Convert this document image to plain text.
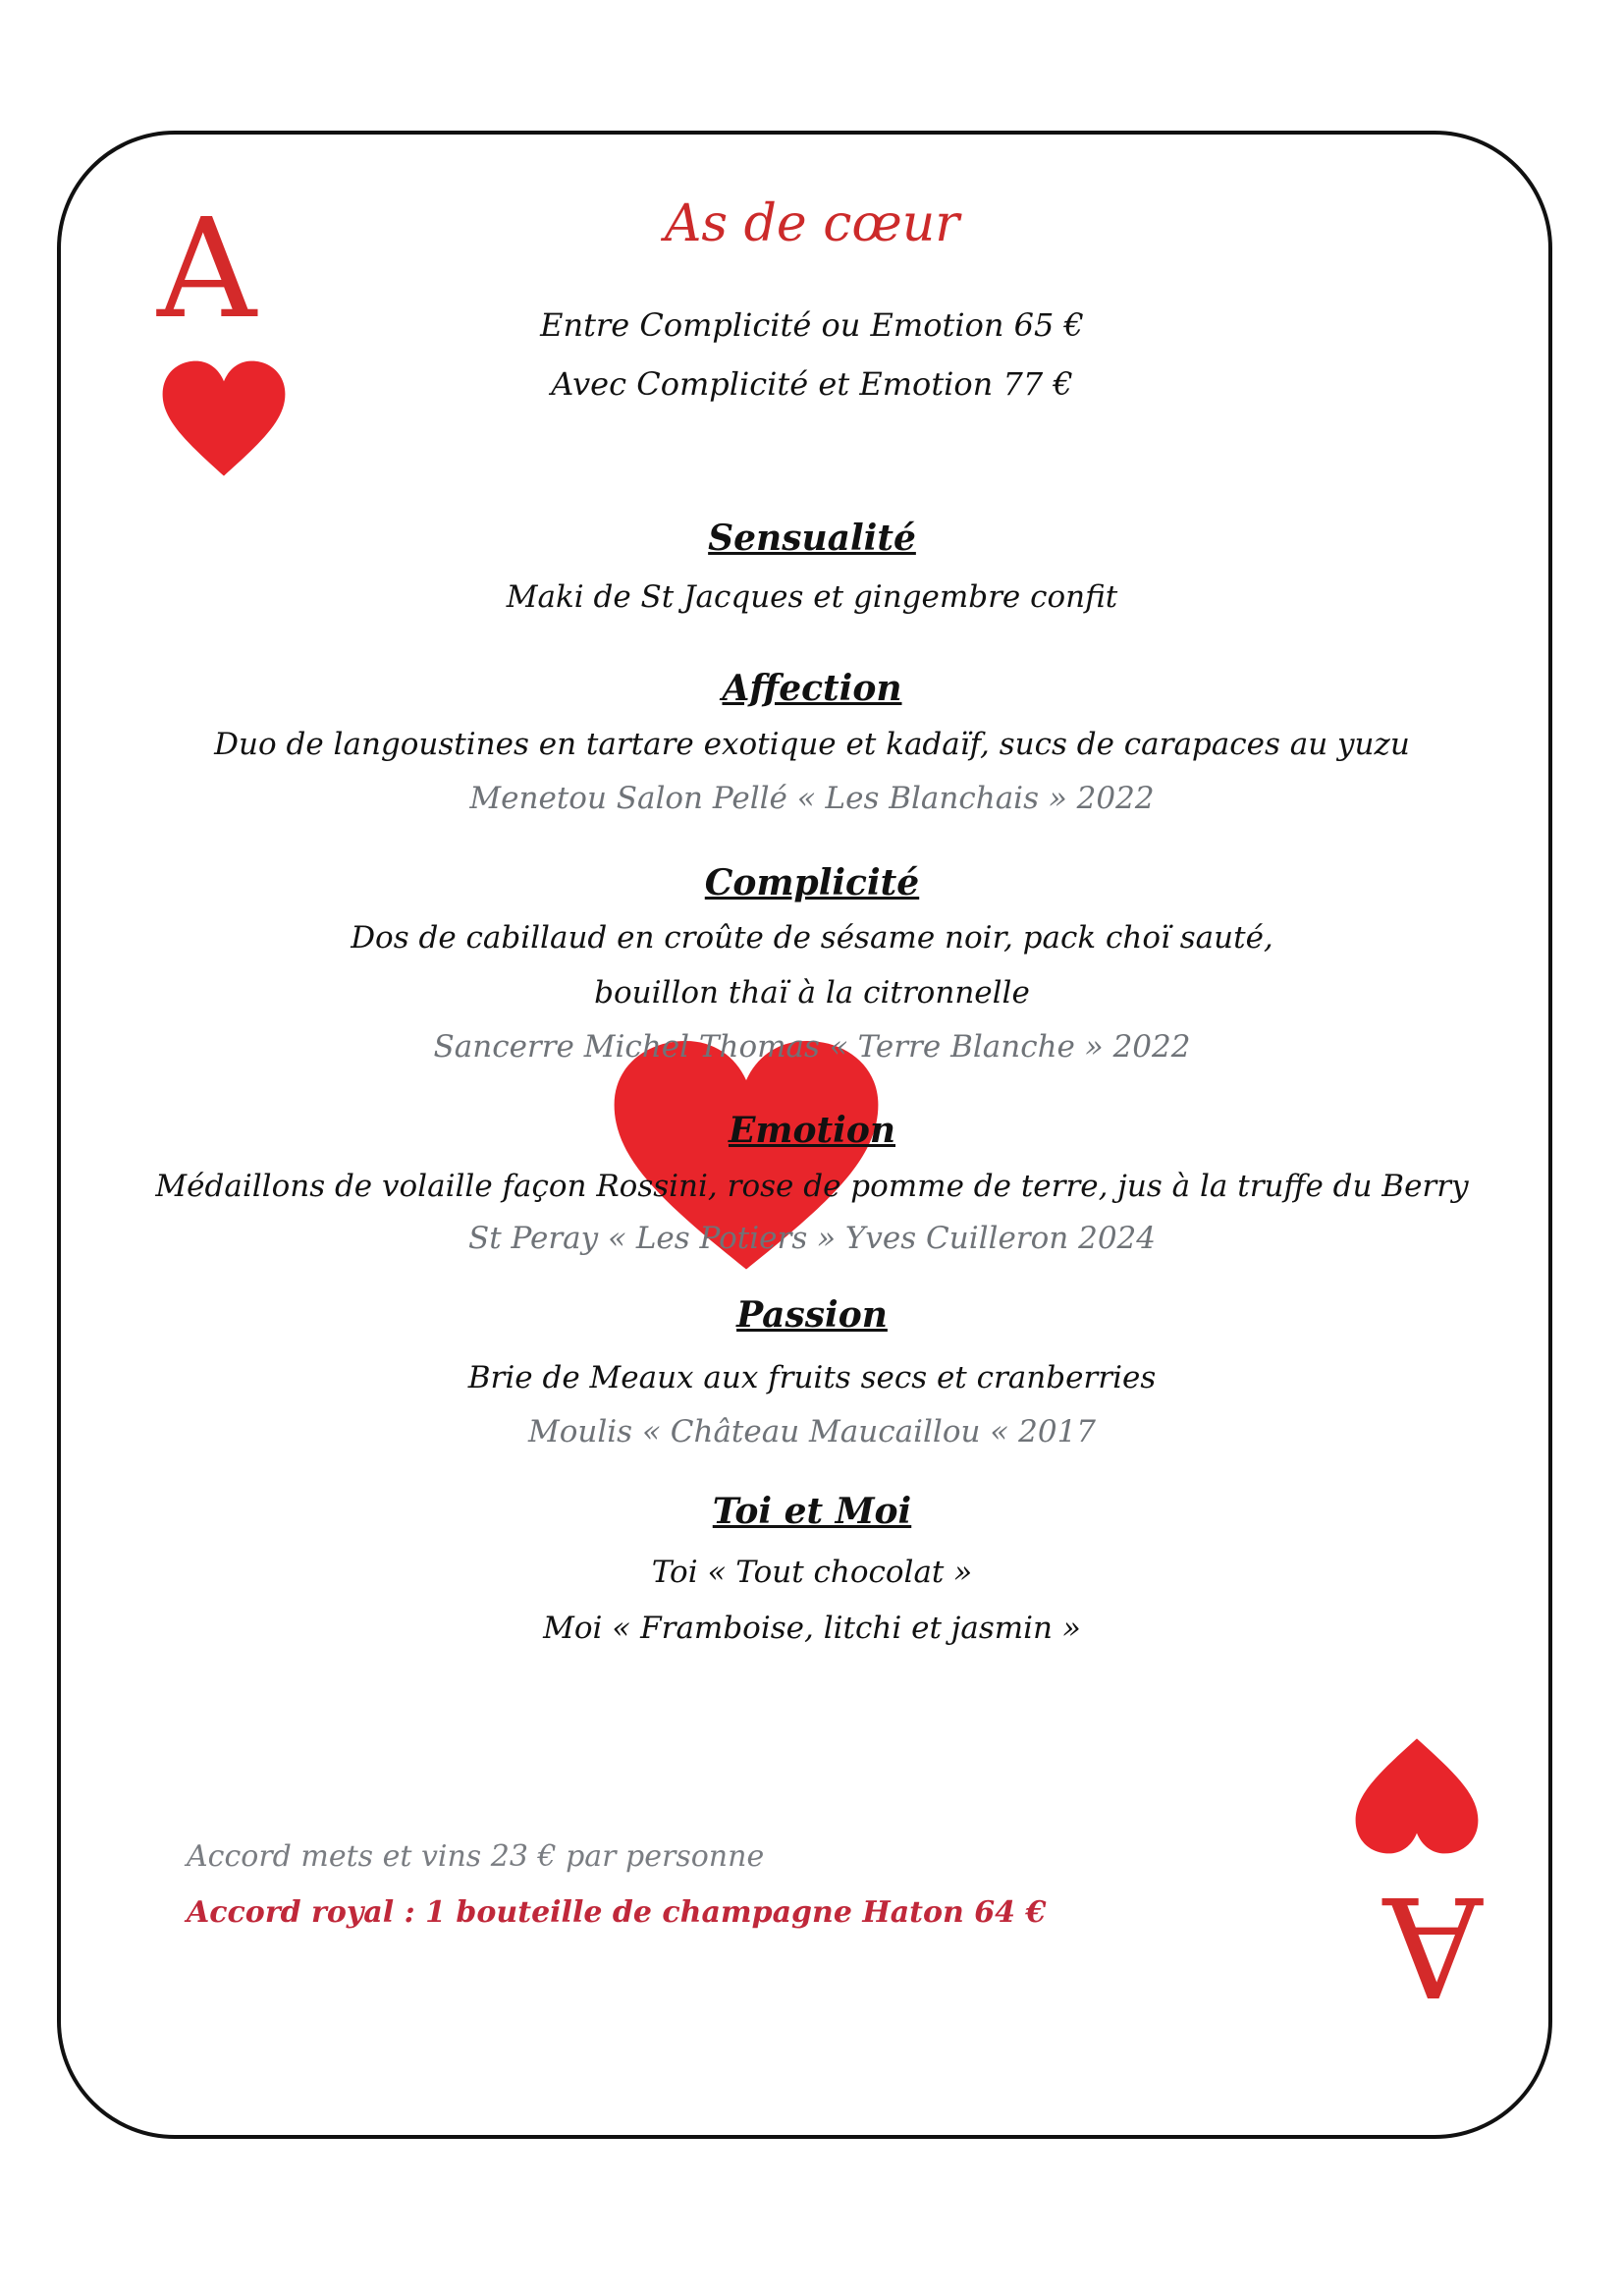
A
A
As de cœur
Entre Complicité ou Emotion 65 €
Avec Complicité et Emotion 77 €
Sensualité
Maki de St Jacques et gingembre confit
Affection
Duo de langoustines en tartare exotique et kadaïf, sucs de carapaces au yuzu
Menetou Salon Pellé « Les Blanchais » 2022
Complicité
Dos de cabillaud en croûte de sésame noir, pack choï sauté,
bouillon thaï à la citronnelle
Sancerre Michel Thomas « Terre Blanche » 2022
Emotion
Médaillons de volaille façon Rossini, rose de pomme de terre, jus à la truffe du Berry
St Peray « Les Potiers » Yves Cuilleron 2024
Passion
Brie de Meaux aux fruits secs et cranberries
Moulis « Château Maucaillou « 2017
Toi et Moi
Toi « Tout chocolat »
Moi « Framboise, litchi et jasmin »
Accord mets et vins 23 € par personne
Accord royal : 1 bouteille de champagne Haton 64 €
